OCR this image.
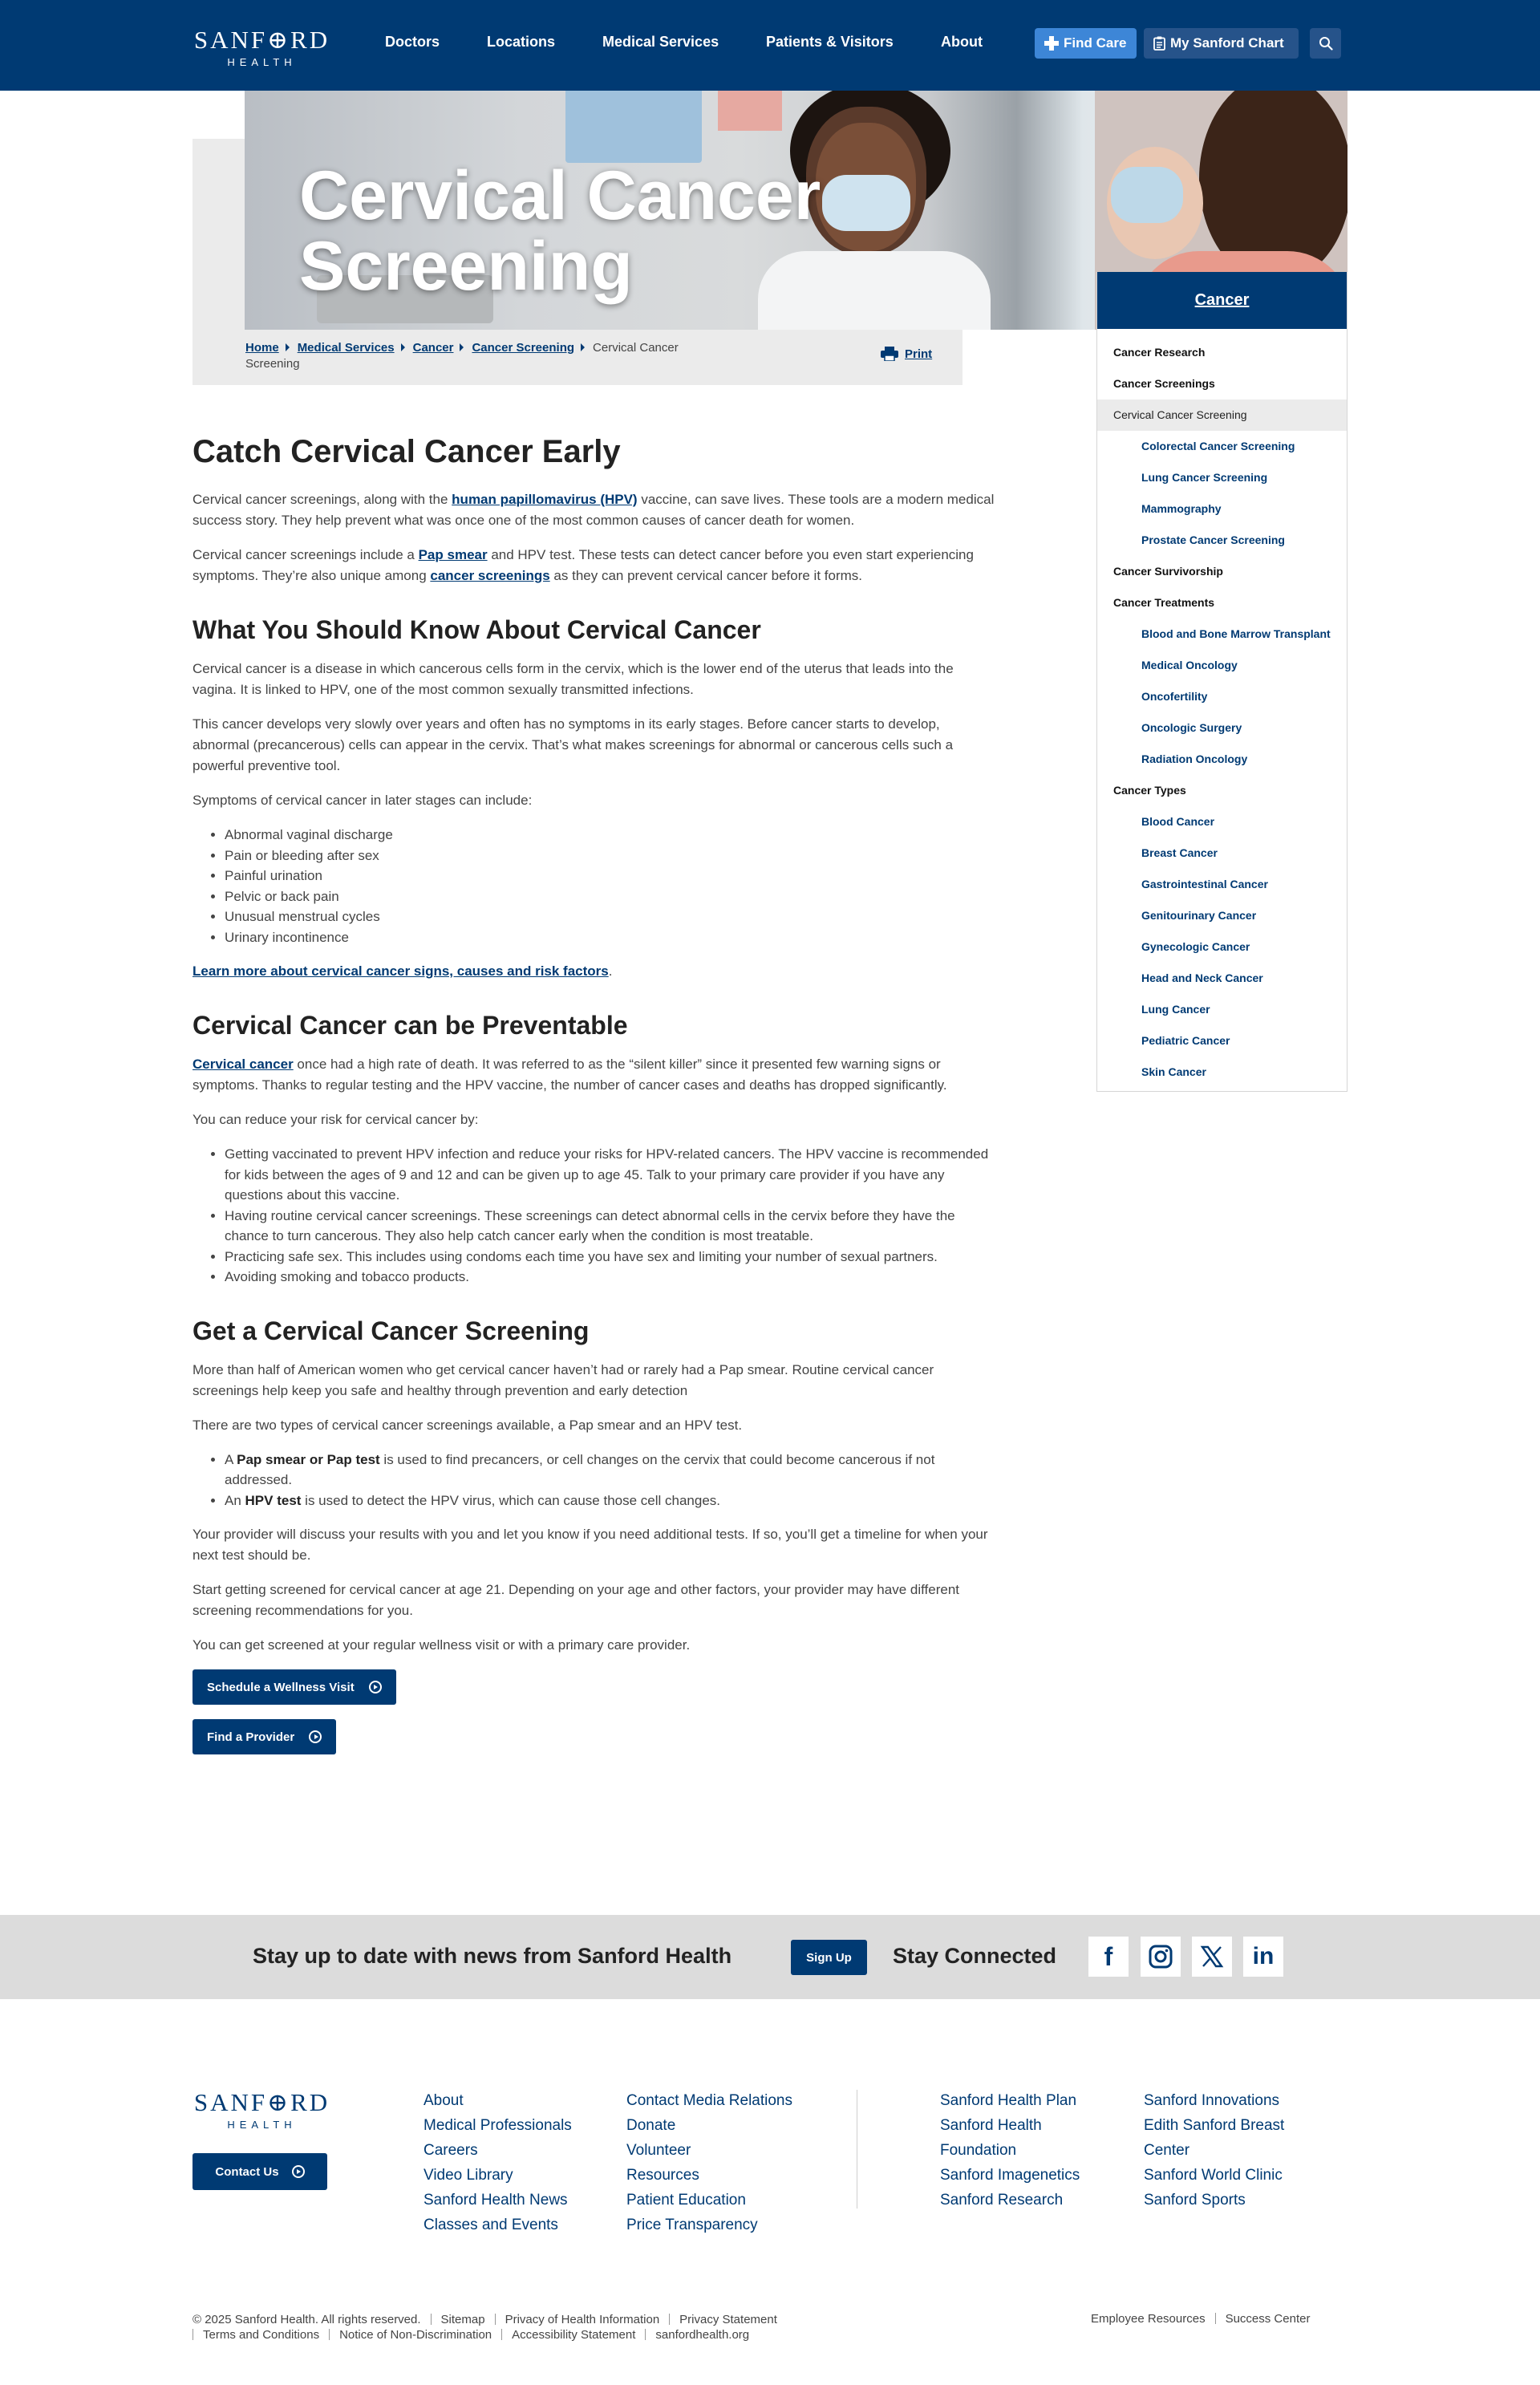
SANF⊕RD
HEALTH
Doctors	Locations	Medical Services	Patients & Visitors	About	Find Care	My Sanford Chart
Cervical Cancer Screening
Home Medical Services Cancer Cancer Screening Cervical Cancer Screening
Print
Catch Cervical Cancer Early

Cervical cancer screenings, along with the human papillomavirus (HPV) vaccine, can save lives. These tools are a modern medical success story. They help prevent what was once one of the most common causes of cancer death for women.

Cervical cancer screenings include a Pap smear and HPV test. These tests can detect cancer before you even start experiencing symptoms. They’re also unique among cancer screenings as they can prevent cervical cancer before it forms.

What You Should Know About Cervical Cancer

Cervical cancer is a disease in which cancerous cells form in the cervix, which is the lower end of the uterus that leads into the vagina. It is linked to HPV, one of the most common sexually transmitted infections.

This cancer develops very slowly over years and often has no symptoms in its early stages. Before cancer starts to develop, abnormal (precancerous) cells can appear in the cervix. That’s what makes screenings for abnormal or cancerous cells such a powerful preventive tool.

Symptoms of cervical cancer in later stages can include:

• Abnormal vaginal discharge
• Pain or bleeding after sex
• Painful urination
• Pelvic or back pain
• Unusual menstrual cycles
• Urinary incontinence

Learn more about cervical cancer signs, causes and risk factors.

Cervical Cancer can be Preventable

Cervical cancer once had a high rate of death. It was referred to as the “silent killer” since it presented few warning signs or symptoms. Thanks to regular testing and the HPV vaccine, the number of cancer cases and deaths has dropped significantly.

You can reduce your risk for cervical cancer by:

• Getting vaccinated to prevent HPV infection and reduce your risks for HPV-related cancers. The HPV vaccine is recommended for kids between the ages of 9 and 12 and can be given up to age 45. Talk to your primary care provider if you have any questions about this vaccine.
• Having routine cervical cancer screenings. These screenings can detect abnormal cells in the cervix before they have the chance to turn cancerous. They also help catch cancer early when the condition is most treatable.
• Practicing safe sex. This includes using condoms each time you have sex and limiting your number of sexual partners.
• Avoiding smoking and tobacco products.
Get a Cervical Cancer Screening

More than half of American women who get cervical cancer haven’t had or rarely had a Pap smear. Routine cervical cancer screenings help keep you safe and healthy through prevention and early detection

There are two types of cervical cancer screenings available, a Pap smear and an HPV test.

• A Pap smear or Pap test is used to find precancers, or cell changes on the cervix that could become cancerous if not addressed.
• An HPV test is used to detect the HPV virus, which can cause those cell changes.

Your provider will discuss your results with you and let you know if you need additional tests. If so, you’ll get a timeline for when your next test should be.

Start getting screened for cervical cancer at age 21. Depending on your age and other factors, your provider may have different screening recommendations for you.

You can get screened at your regular wellness visit or with a primary care provider.

Schedule a Wellness Visit
Find a Provider
Cancer
Cancer Research
Cancer Screenings
Cervical Cancer Screening
Colorectal Cancer Screening
Lung Cancer Screening
Mammography
Prostate Cancer Screening
Cancer Survivorship
Cancer Treatments
Blood and Bone Marrow Transplant
Medical Oncology
Oncofertility
Oncologic Surgery
Radiation Oncology
Cancer Types
Blood Cancer
Breast Cancer
Gastrointestinal Cancer
Genitourinary Cancer
Gynecologic Cancer
Head and Neck Cancer
Lung Cancer
Pediatric Cancer
Skin Cancer
Stay up to date with news from Sanford Health	Sign Up	Stay Connected f	in
SANF⊕RD
HEALTH
Contact Us
About
Medical Professionals
Careers
Video Library
Sanford Health News
Classes and Events
Contact Media Relations
Donate
Volunteer
Resources
Patient Education
Price Transparency
Sanford Health Plan
Sanford Health Foundation
Sanford Imagenetics
Sanford Research
Sanford Innovations
Edith Sanford Breast Center
Sanford World Clinic
Sanford Sports
© 2025 Sanford Health. All rights reserved. Sitemap Privacy of Health Information Privacy Statement
Terms and Conditions Notice of Non-Discrimination Accessibility Statement sanfordhealth.org
Employee Resources Success Center
